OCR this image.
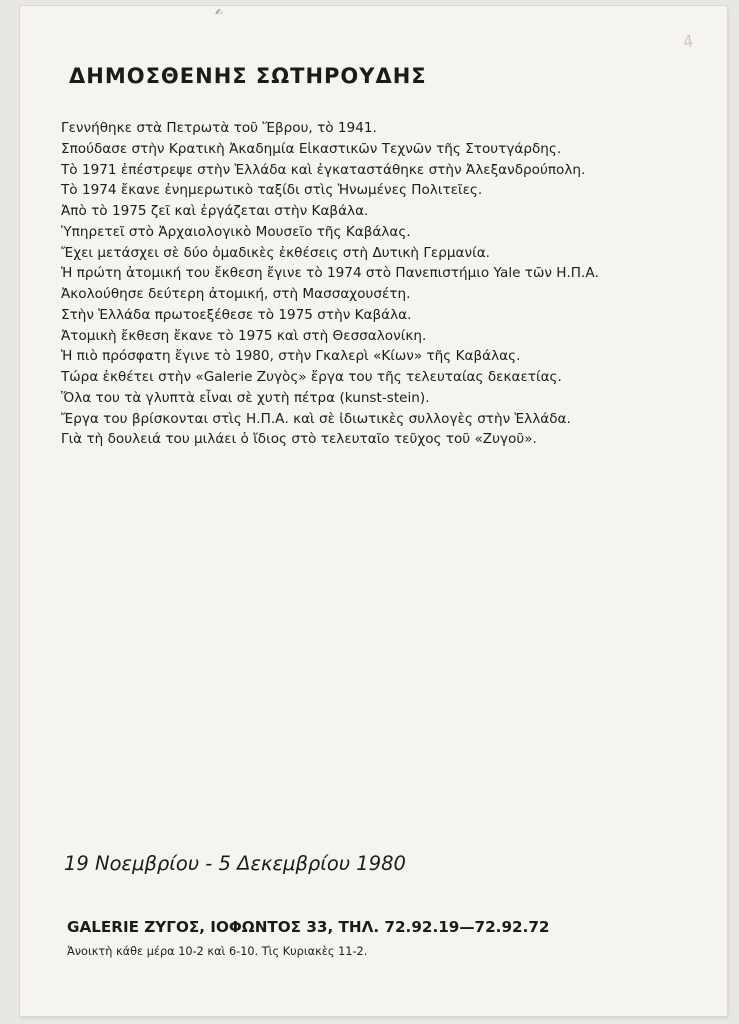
✍
4
ΔΗΜΟΣΘΕΝΗΣ ΣΩΤΗΡΟΥΔΗΣ
Γεννήθηκε στὰ Πετρωτὰ τοῦ Ἕβρου, τὸ 1941.
Σπούδασε στὴν Κρατικὴ Ἀκαδημία Εἰκαστικῶν Τεχνῶν τῆς Στουτγάρδης.
Τὸ 1971 ἐπέστρεψε στὴν Ἑλλάδα καὶ ἐγκαταστάθηκε στὴν Ἀλεξανδρούπολη.
Τὸ 1974 ἔκανε ἐνημερωτικὸ ταξίδι στὶς Ἡνωμένες Πολιτεῖες.
Ἀπὸ τὸ 1975 ζεῖ καὶ ἐργάζεται στὴν Καβάλα.
Ὑπηρετεῖ στὸ Ἀρχαιολογικὸ Μουσεῖο τῆς Καβάλας.
Ἔχει μετάσχει σὲ δύο ὁμαδικὲς ἐκθέσεις στὴ Δυτικὴ Γερμανία.
Ἡ πρώτη ἀτομική του ἔκθεση ἔγινε τὸ 1974 στὸ Πανεπιστήμιο Yale τῶν Η.Π.Α.
Ἀκολούθησε δεύτερη ἀτομική, στὴ Μασσαχουσέτη.
Στὴν Ἑλλάδα πρωτοεξέθεσε τὸ 1975 στὴν Καβάλα.
Ἀτομικὴ ἔκθεση ἔκανε τὸ 1975 καὶ στὴ Θεσσαλονίκη.
Ἡ πιὸ πρόσφατη ἔγινε τὸ 1980, στὴν Γκαλερὶ «Κίων» τῆς Καβάλας.
Τώρα ἐκθέτει στὴν «Galerie Ζυγὸς» ἔργα του τῆς τελευταίας δεκαετίας.
Ὅλα του τὰ γλυπτὰ εἶναι σὲ χυτὴ πέτρα (kunst-stein).
Ἔργα του βρίσκονται στὶς Η.Π.Α. καὶ σὲ ἰδιωτικὲς συλλογὲς στὴν Ἑλλάδα.
Γιὰ τὴ δουλειά του μιλάει ὁ ἴδιος στὸ τελευταῖο τεῦχος τοῦ «Ζυγοῦ».
19 Νοεμβρίου - 5 Δεκεμβρίου 1980
GALERIE ΖΥΓΟΣ, ΙΟΦΩΝΤΟΣ 33, ΤΗΛ. 72.92.19—72.92.72
Ἀνοικτὴ κάθε μέρα 10-2 καὶ 6-10. Τὶς Κυριακὲς 11-2.
